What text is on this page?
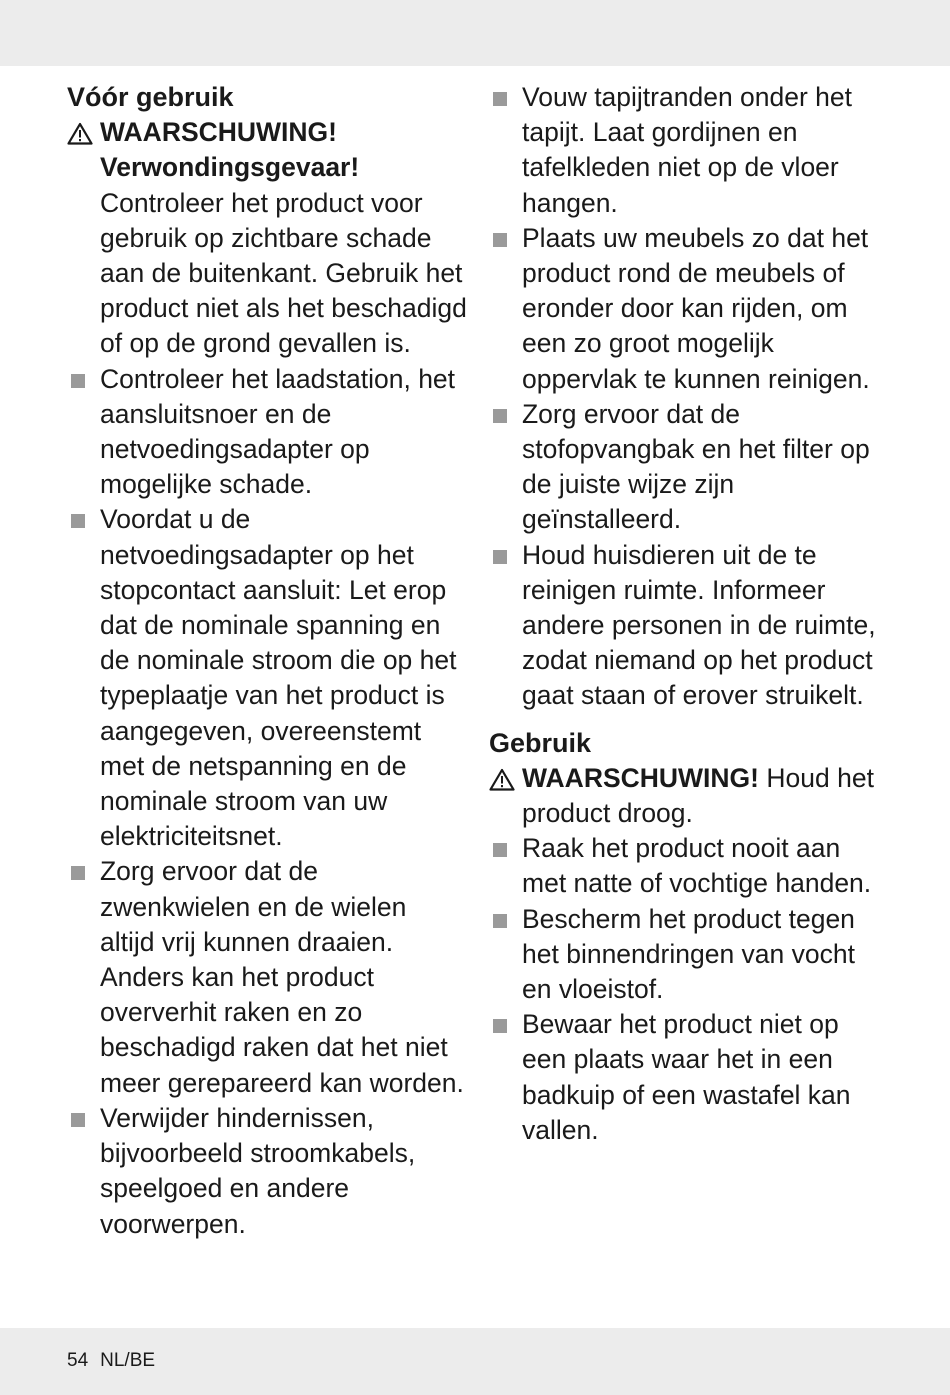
Vóór gebruik

WAARSCHUWING!
Verwondingsgevaar!
Controleer het product voor gebruik op zichtbare schade aan de buitenkant. Gebruik het product niet als het beschadigd of op de grond gevallen is.
Controleer het laadstation, het aansluitsnoer en de netvoedingsadapter op mogelijke schade.
Voordat u de netvoedingsadapter op het stopcontact aansluit: Let erop dat de nominale spanning en de nominale stroom die op het typeplaatje van het product is aangegeven, overeenstemt met de netspanning en de nominale stroom van uw elektriciteitsnet.
Zorg ervoor dat de zwenkwielen en de wielen altijd vrij kunnen draaien. Anders kan het product oververhit raken en zo beschadigd raken dat het niet meer gerepareerd kan worden.
Verwijder hindernissen, bijvoorbeeld stroomkabels, speelgoed en andere voorwerpen.
Vouw tapijtranden onder het tapijt. Laat gordijnen en tafelkleden niet op de vloer hangen.
Plaats uw meubels zo dat het product rond de meubels of eronder door kan rijden, om een zo groot mogelijk oppervlak te kunnen reinigen.
Zorg ervoor dat de stofopvangbak en het filter op de juiste wijze zijn geïnstalleerd.
Houd huisdieren uit de te reinigen ruimte. Informeer andere personen in de ruimte, zodat niemand op het product gaat staan of erover struikelt.

Gebruik

WAARSCHUWING! Houd het product droog.
Raak het product nooit aan met natte of vochtige handen.
Bescherm het product tegen het binnendringen van vocht en vloeistof.
Bewaar het product niet op een plaats waar het in een badkuip of een wastafel kan vallen.
54 NL/BE
